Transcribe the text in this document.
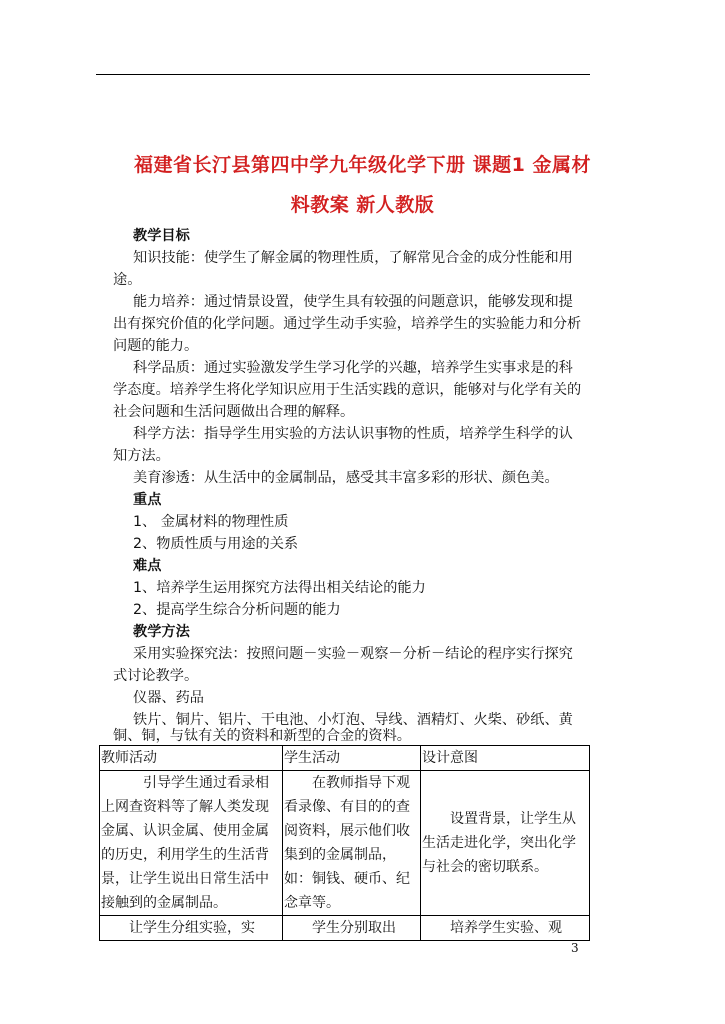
福建省长汀县第四中学九年级化学下册 课题1 金属材
料教案 新人教版
教学目标
知识技能：使学生了解金属的物理性质，了解常见合金的成分性能和用
途。
能力培养：通过情景设置，使学生具有较强的问题意识，能够发现和提
出有探究价值的化学问题。通过学生动手实验，培养学生的实验能力和分析
问题的能力。
科学品质：通过实验激发学生学习化学的兴趣，培养学生实事求是的科
学态度。培养学生将化学知识应用于生活实践的意识，能够对与化学有关的
社会问题和生活问题做出合理的解释。
科学方法：指导学生用实验的方法认识事物的性质，培养学生科学的认
知方法。
美育渗透：从生活中的金属制品，感受其丰富多彩的形状、颜色美。
重点
1、 金属材料的物理性质
2、物质性质与用途的关系
难点
1、培养学生运用探究方法得出相关结论的能力
2、提高学生综合分析问题的能力
教学方法
采用实验探究法：按照问题－实验－观察－分析－结论的程序实行探究
式讨论教学。
仪器、药品
铁片、铜片、铝片、干电池、小灯泡、导线、酒精灯、火柴、砂纸、黄
铜、铜，与钛有关的资料和新型的合金的资料。
教师活动	学生活动	设计意图
引导学生通过看录相上网查资料等了解人类发现金属、认识金属、使用金属的历史，利用学生的生活背景，让学生说出日常生活中接触到的金属制品。	在教师指导下观看录像、有目的的查阅资料，展示他们收集到的金属制品，如：铜钱、硬币、纪念章等。	设置背景，让学生从生活走进化学，突出化学与社会的密切联系。
让学生分组实验，实	学生分别取出	培养学生实验、观
3
